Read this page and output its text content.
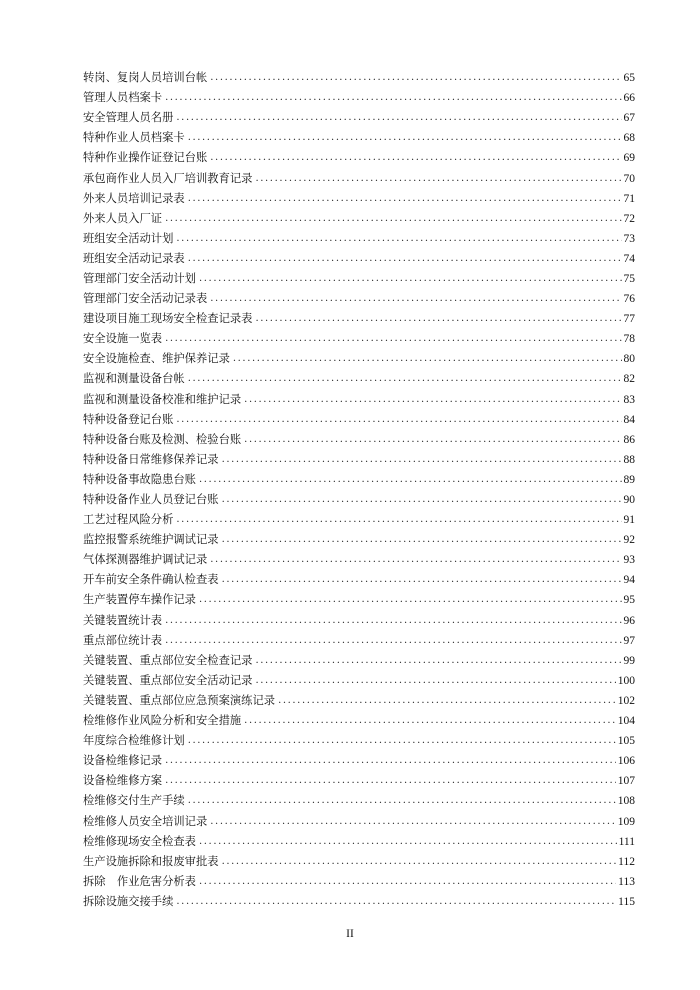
转岗、复岗人员培训台帐 .....	65
管理人员档案卡 .....	66
安全管理人员名册 .....	67
特种作业人员档案卡 .....	68
特种作业操作证登记台账 .....	69
承包商作业人员入厂培训教育记录 .....	70
外来人员培训记录表 .....	71
外来人员入厂证 .....	72
班组安全活动计划 .....	73
班组安全活动记录表 .....	74
管理部门安全活动计划 .....	75
管理部门安全活动记录表 .....	76
建设项目施工现场安全检查记录表 .....	77
安全设施一览表 .....	78
安全设施检查、维护保养记录 .....	80
监视和测量设备台帐 .....	82
监视和测量设备校准和维护记录 .....	83
特种设备登记台账 .....	84
特种设备台账及检测、检验台账 .....	86
特种设备日常维修保养记录 .....	88
特种设备事故隐患台账 .....	89
特种设备作业人员登记台账 .....	90
工艺过程风险分析 .....	91
监控报警系统维护调试记录 .....	92
气体探测器维护调试记录 .....	93
开车前安全条件确认检查表 .....	94
生产装置停车操作记录 .....	95
关键装置统计表 .....	96
重点部位统计表 .....	97
关键装置、重点部位安全检查记录 .....	99
关键装置、重点部位安全活动记录 .....	100
关键装置、重点部位应急预案演练记录 .....	102
检维修作业风险分析和安全措施 .....	104
年度综合检维修计划 .....	105
设备检维修记录 .....	106
设备检维修方案 .....	107
检维修交付生产手续 .....	108
检维修人员安全培训记录 .....	109
检维修现场安全检查表 .....	111
生产设施拆除和报废审批表 .....	112
拆除　作业危害分析表 .....	113
拆除设施交接手续 .....	115
II
